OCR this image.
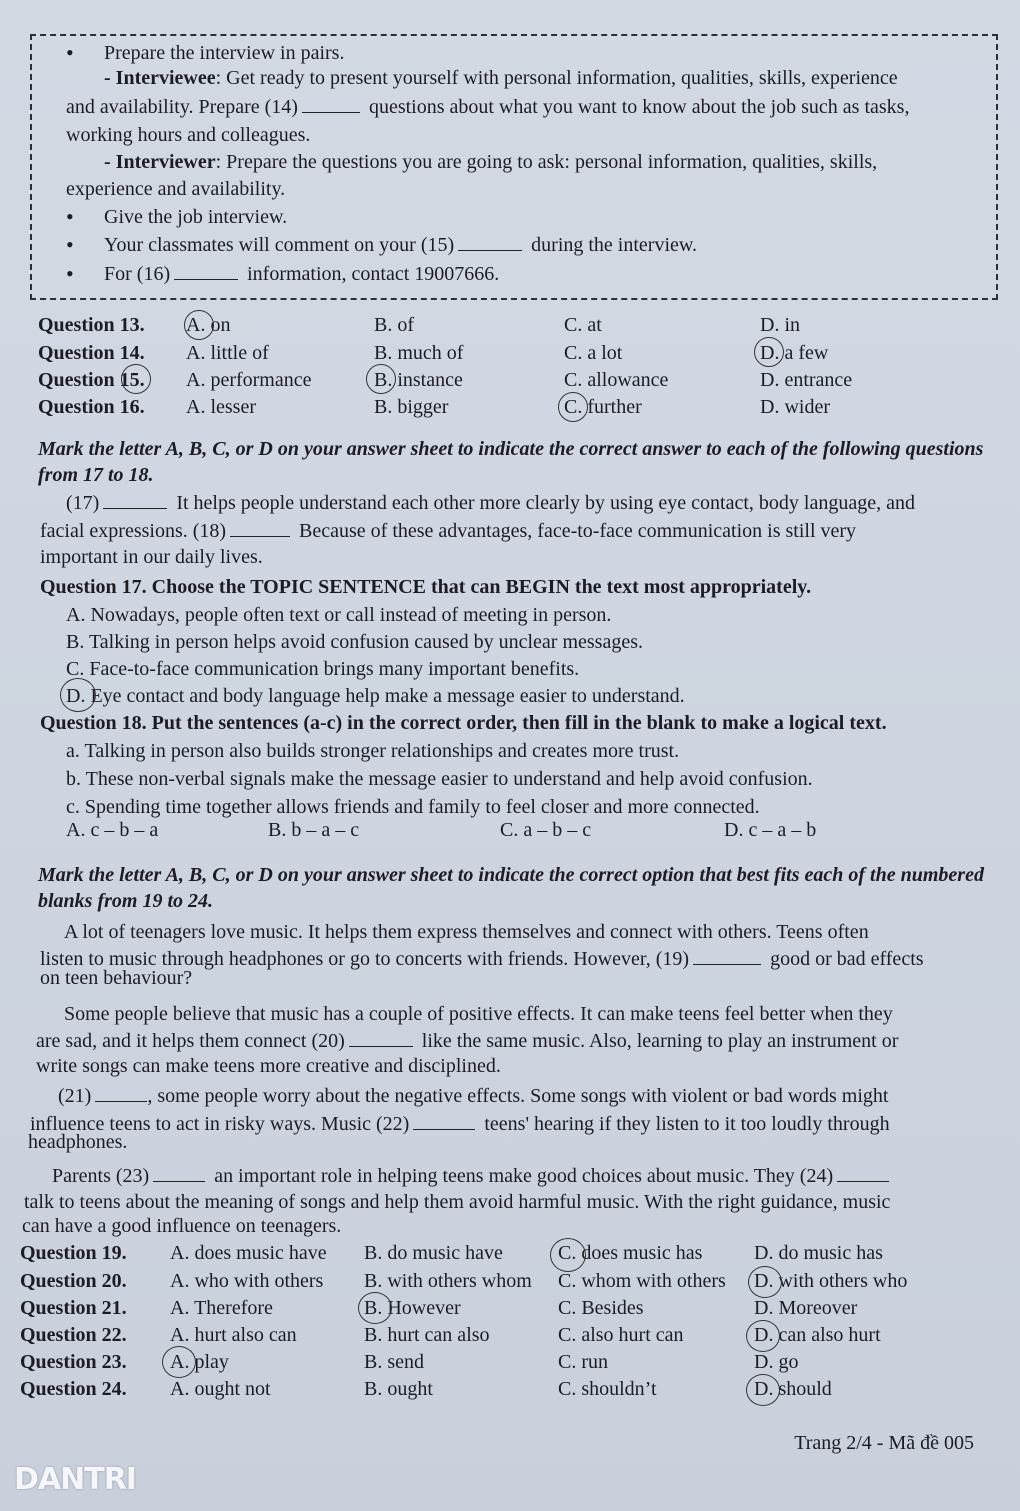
• Prepare the interview in pairs.
- Interviewee: Get ready to present yourself with personal information, qualities, skills, experience
and availability. Prepare (14)	questions about what you want to know about the job such as tasks,
working hours and colleagues.
- Interviewer: Prepare the questions you are going to ask: personal information, qualities, skills,
experience and availability.
• Give the job interview.
• Your classmates will comment on your (15)	during the interview.
• For (16)	information, contact 19007666.
Question 13. A. on	B. of	C. at	D. in
Question 14. A. little of	B. much of	C. a lot	D. a few
Question 15. A. performance	B. instance	C. allowance	D. entrance
Question 16. A. lesser	B. bigger	C. further	D. wider
Mark the letter A, B, C, or D on your answer sheet to indicate the correct answer to each of the following questions from 17 to 18.
(17)	It helps people understand each other more clearly by using eye contact, body language, and
facial expressions. (18)	Because of these advantages, face-to-face communication is still very
important in our daily lives.
Question 17. Choose the TOPIC SENTENCE that can BEGIN the text most appropriately.
A. Nowadays, people often text or call instead of meeting in person.
B. Talking in person helps avoid confusion caused by unclear messages.
C. Face-to-face communication brings many important benefits.
D. Eye contact and body language help make a message easier to understand.
Question 18. Put the sentences (a-c) in the correct order, then fill in the blank to make a logical text.
a. Talking in person also builds stronger relationships and creates more trust.
b. These non-verbal signals make the message easier to understand and help avoid confusion.
c. Spending time together allows friends and family to feel closer and more connected.
A. c – b – a	B. b – a – c	C. a – b – c	D. c – a – b
Mark the letter A, B, C, or D on your answer sheet to indicate the correct option that best fits each of the numbered blanks from 19 to 24.
A lot of teenagers love music. It helps them express themselves and connect with others. Teens often
listen to music through headphones or go to concerts with friends. However, (19)	good or bad effects
on teen behaviour?
Some people believe that music has a couple of positive effects. It can make teens feel better when they
are sad, and it helps them connect (20)	like the same music. Also, learning to play an instrument or
write songs can make teens more creative and disciplined.
(21)	, some people worry about the negative effects. Some songs with violent or bad words might
influence teens to act in risky ways. Music (22)	teens' hearing if they listen to it too loudly through
headphones.
Parents (23)	an important role in helping teens make good choices about music. They (24)
talk to teens about the meaning of songs and help them avoid harmful music. With the right guidance, music
can have a good influence on teenagers.
Question 19. A. does music have B. do music have	C. does music has	D. do music has
Question 20. A. who with others B. with others whom C. whom with others D. with others who
Question 21. A. Therefore	B. However	C. Besides	D. Moreover
Question 22. A. hurt also can	B. hurt can also	C. also hurt can	D. can also hurt
Question 23. A. play	B. send	C. run	D. go
Question 24. A. ought not	B. ought	C. shouldn’t	D. should
Trang 2/4 - Mã đề 005
DANTRI
